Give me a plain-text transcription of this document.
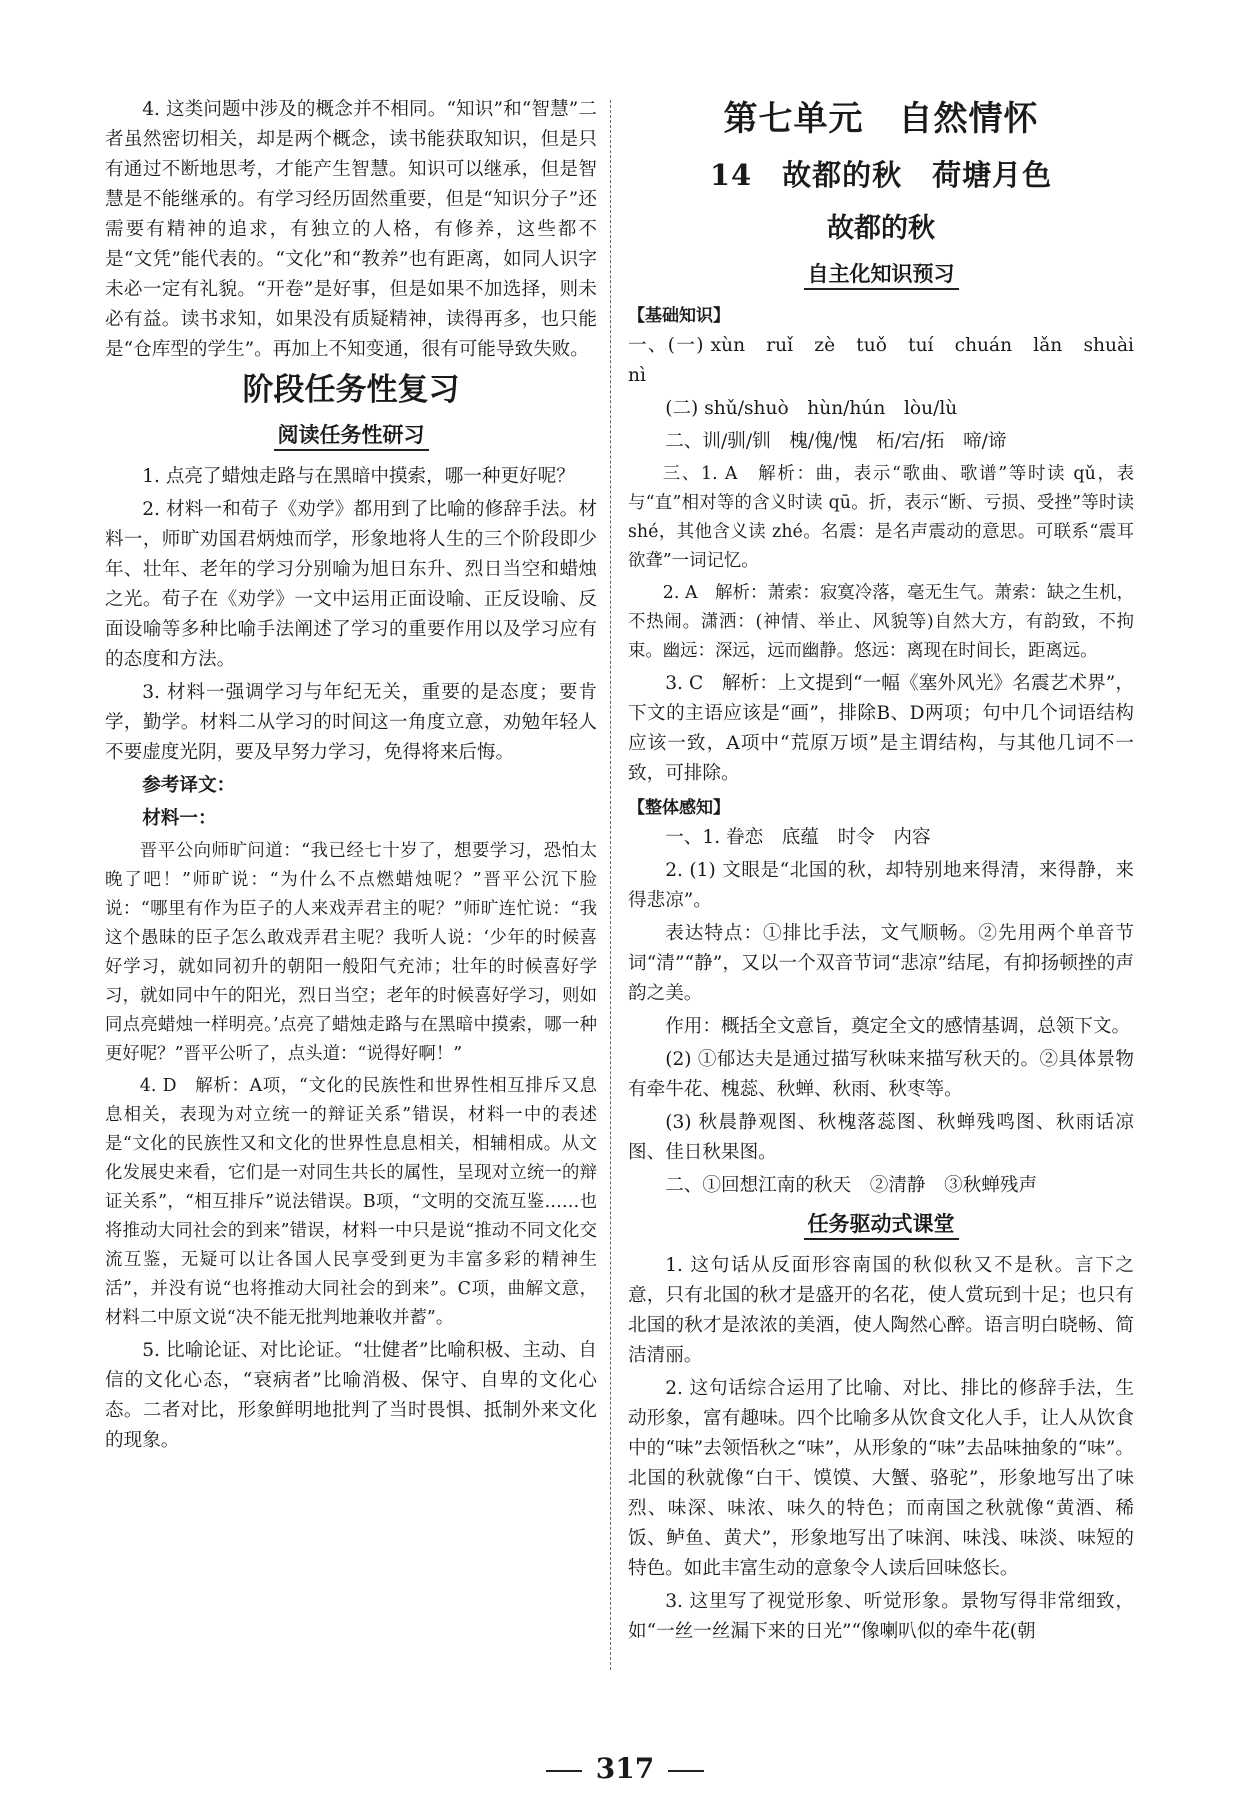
4. 这类问题中涉及的概念并不相同。“知识”和“智慧”二者虽然密切相关，却是两个概念，读书能获取知识，但是只有通过不断地思考，才能产生智慧。知识可以继承，但是智慧是不能继承的。有学习经历固然重要，但是“知识分子”还需要有精神的追求，有独立的人格，有修养，这些都不是“文凭”能代表的。“文化”和“教养”也有距离，如同人识字未必一定有礼貌。“开卷”是好事，但是如果不加选择，则未必有益。读书求知，如果没有质疑精神，读得再多，也只能是“仓库型的学生”。再加上不知变通，很有可能导致失败。

阶段任务性复习
阅读任务性研习

1. 点亮了蜡烛走路与在黑暗中摸索，哪一种更好呢？

2. 材料一和荀子《劝学》都用到了比喻的修辞手法。材料一，师旷劝国君炳烛而学，形象地将人生的三个阶段即少年、壮年、老年的学习分别喻为旭日东升、烈日当空和蜡烛之光。荀子在《劝学》一文中运用正面设喻、正反设喻、反面设喻等多种比喻手法阐述了学习的重要作用以及学习应有的态度和方法。

3. 材料一强调学习与年纪无关，重要的是态度；要肯学，勤学。材料二从学习的时间这一角度立意，劝勉年轻人不要虚度光阴，要及早努力学习，免得将来后悔。

参考译文：

材料一：

晋平公向师旷问道：“我已经七十岁了，想要学习，恐怕太晚了吧！”师旷说：“为什么不点燃蜡烛呢？”晋平公沉下脸说：“哪里有作为臣子的人来戏弄君主的呢？”师旷连忙说：“我这个愚昧的臣子怎么敢戏弄君主呢？我听人说：‘少年的时候喜好学习，就如同初升的朝阳一般阳气充沛；壮年的时候喜好学习，就如同中午的阳光，烈日当空；老年的时候喜好学习，则如同点亮蜡烛一样明亮。’点亮了蜡烛走路与在黑暗中摸索，哪一种更好呢？”晋平公听了，点头道：“说得好啊！”

4. D　解析：A项，“文化的民族性和世界性相互排斥又息息相关，表现为对立统一的辩证关系”错误，材料一中的表述是“文化的民族性又和文化的世界性息息相关，相辅相成。从文化发展史来看，它们是一对同生共长的属性，呈现对立统一的辩证关系”，“相互排斥”说法错误。B项，“文明的交流互鉴……也将推动大同社会的到来”错误，材料一中只是说“推动不同文化交流互鉴，无疑可以让各国人民享受到更为丰富多彩的精神生活”，并没有说“也将推动大同社会的到来”。C项，曲解文意，材料二中原文说“决不能无批判地兼收并蓄”。

5. 比喻论证、对比论证。“壮健者”比喻积极、主动、自信的文化心态，“衰病者”比喻消极、保守、自卑的文化心态。二者对比，形象鲜明地批判了当时畏惧、抵制外来文化的现象。

第七单元　自然情怀
14　故都的秋　荷塘月色
故都的秋
自主化知识预习

【基础知识】

一、(一) xùn　ruǐ　zè　tuǒ　tuí　chuán　lǎn　shuài　nì

(二) shǔ/shuò　hùn/hún　lòu/lù

二、训/驯/钏　槐/傀/愧　柘/宕/拓　啼/谛

三、1. A　解析：曲，表示“歌曲、歌谱”等时读 qǔ，表与“直”相对等的含义时读 qū。折，表示“断、亏损、受挫”等时读 shé，其他含义读 zhé。名震：是名声震动的意思。可联系“震耳欲聋”一词记忆。

2. A　解析：萧索：寂寞冷落，毫无生气。萧索：缺之生机，不热闹。潇洒：(神情、举止、风貌等)自然大方，有韵致，不拘束。幽远：深远，远而幽静。悠远：离现在时间长，距离远。

3. C　解析：上文提到“一幅《塞外风光》名震艺术界”，下文的主语应该是“画”，排除B、D两项；句中几个词语结构应该一致，A项中“荒原万顷”是主谓结构，与其他几词不一致，可排除。

【整体感知】

一、1. 眷恋　底蕴　时令　内容

2. (1) 文眼是“北国的秋，却特别地来得清，来得静，来得悲凉”。

表达特点：①排比手法，文气顺畅。②先用两个单音节词“清”“静”，又以一个双音节词“悲凉”结尾，有抑扬顿挫的声韵之美。

作用：概括全文意旨，奠定全文的感情基调，总领下文。

(2) ①郁达夫是通过描写秋味来描写秋天的。②具体景物有牵牛花、槐蕊、秋蝉、秋雨、秋枣等。

(3) 秋晨静观图、秋槐落蕊图、秋蝉残鸣图、秋雨话凉图、佳日秋果图。

二、①回想江南的秋天　②清静　③秋蝉残声

任务驱动式课堂

1. 这句话从反面形容南国的秋似秋又不是秋。言下之意，只有北国的秋才是盛开的名花，使人赏玩到十足；也只有北国的秋才是浓浓的美酒，使人陶然心醉。语言明白晓畅、简洁清丽。

2. 这句话综合运用了比喻、对比、排比的修辞手法，生动形象，富有趣味。四个比喻多从饮食文化人手，让人从饮食中的“味”去领悟秋之“味”，从形象的“味”去品味抽象的“味”。北国的秋就像“白干、馍馍、大蟹、骆驼”，形象地写出了味烈、味深、味浓、味久的特色；而南国之秋就像“黄酒、稀饭、鲈鱼、黄犬”，形象地写出了味润、味浅、味淡、味短的特色。如此丰富生动的意象令人读后回味悠长。

3. 这里写了视觉形象、听觉形象。景物写得非常细致，如“一丝一丝漏下来的日光”“像喇叭似的牵牛花(朝

317
